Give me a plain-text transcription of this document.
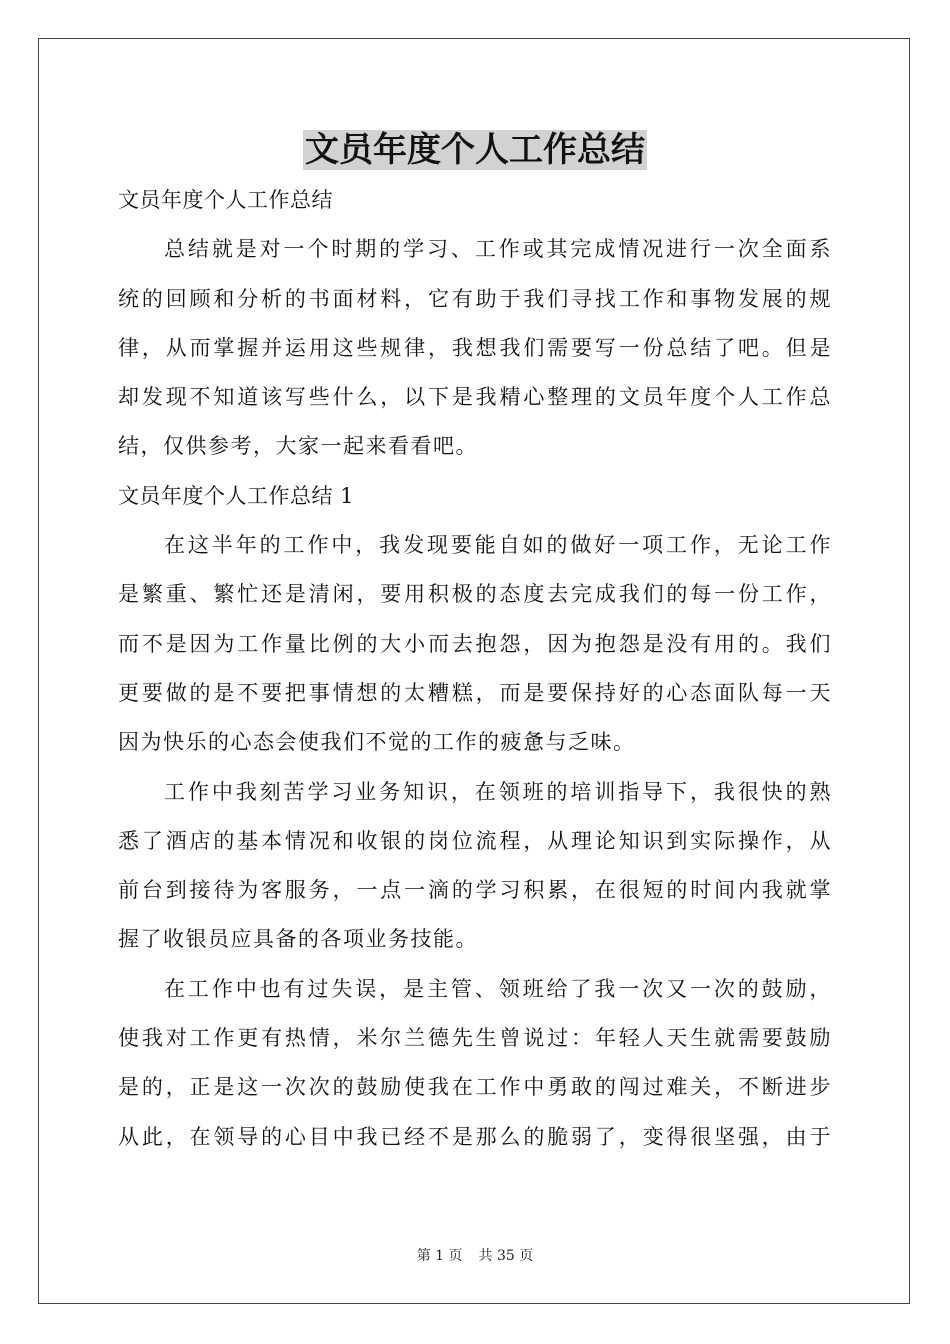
文员年度个人工作总结

文员年度个人工作总结

总结就是对一个时期的学习、工作或其完成情况进行一次全面系

统的回顾和分析的书面材料，它有助于我们寻找工作和事物发展的规

律，从而掌握并运用这些规律，我想我们需要写一份总结了吧。但是

却发现不知道该写些什么，以下是我精心整理的文员年度个人工作总

结，仅供参考，大家一起来看看吧。

文员年度个人工作总结 1

在这半年的工作中，我发现要能自如的做好一项工作，无论工作

是繁重、繁忙还是清闲，要用积极的态度去完成我们的每一份工作，

而不是因为工作量比例的大小而去抱怨，因为抱怨是没有用的。我们

更要做的是不要把事情想的太糟糕，而是要保持好的心态面队每一天

因为快乐的心态会使我们不觉的工作的疲惫与乏味。

工作中我刻苦学习业务知识，在领班的培训指导下，我很快的熟

悉了酒店的基本情况和收银的岗位流程，从理论知识到实际操作，从

前台到接待为客服务，一点一滴的学习积累，在很短的时间内我就掌

握了收银员应具备的各项业务技能。

在工作中也有过失误，是主管、领班给了我一次又一次的鼓励，

使我对工作更有热情，米尔兰德先生曾说过：年轻人天生就需要鼓励

是的，正是这一次次的鼓励使我在工作中勇敢的闯过难关，不断进步

从此，在领导的心目中我已经不是那么的脆弱了，变得很坚强，由于

第 1 页 共 35 页
